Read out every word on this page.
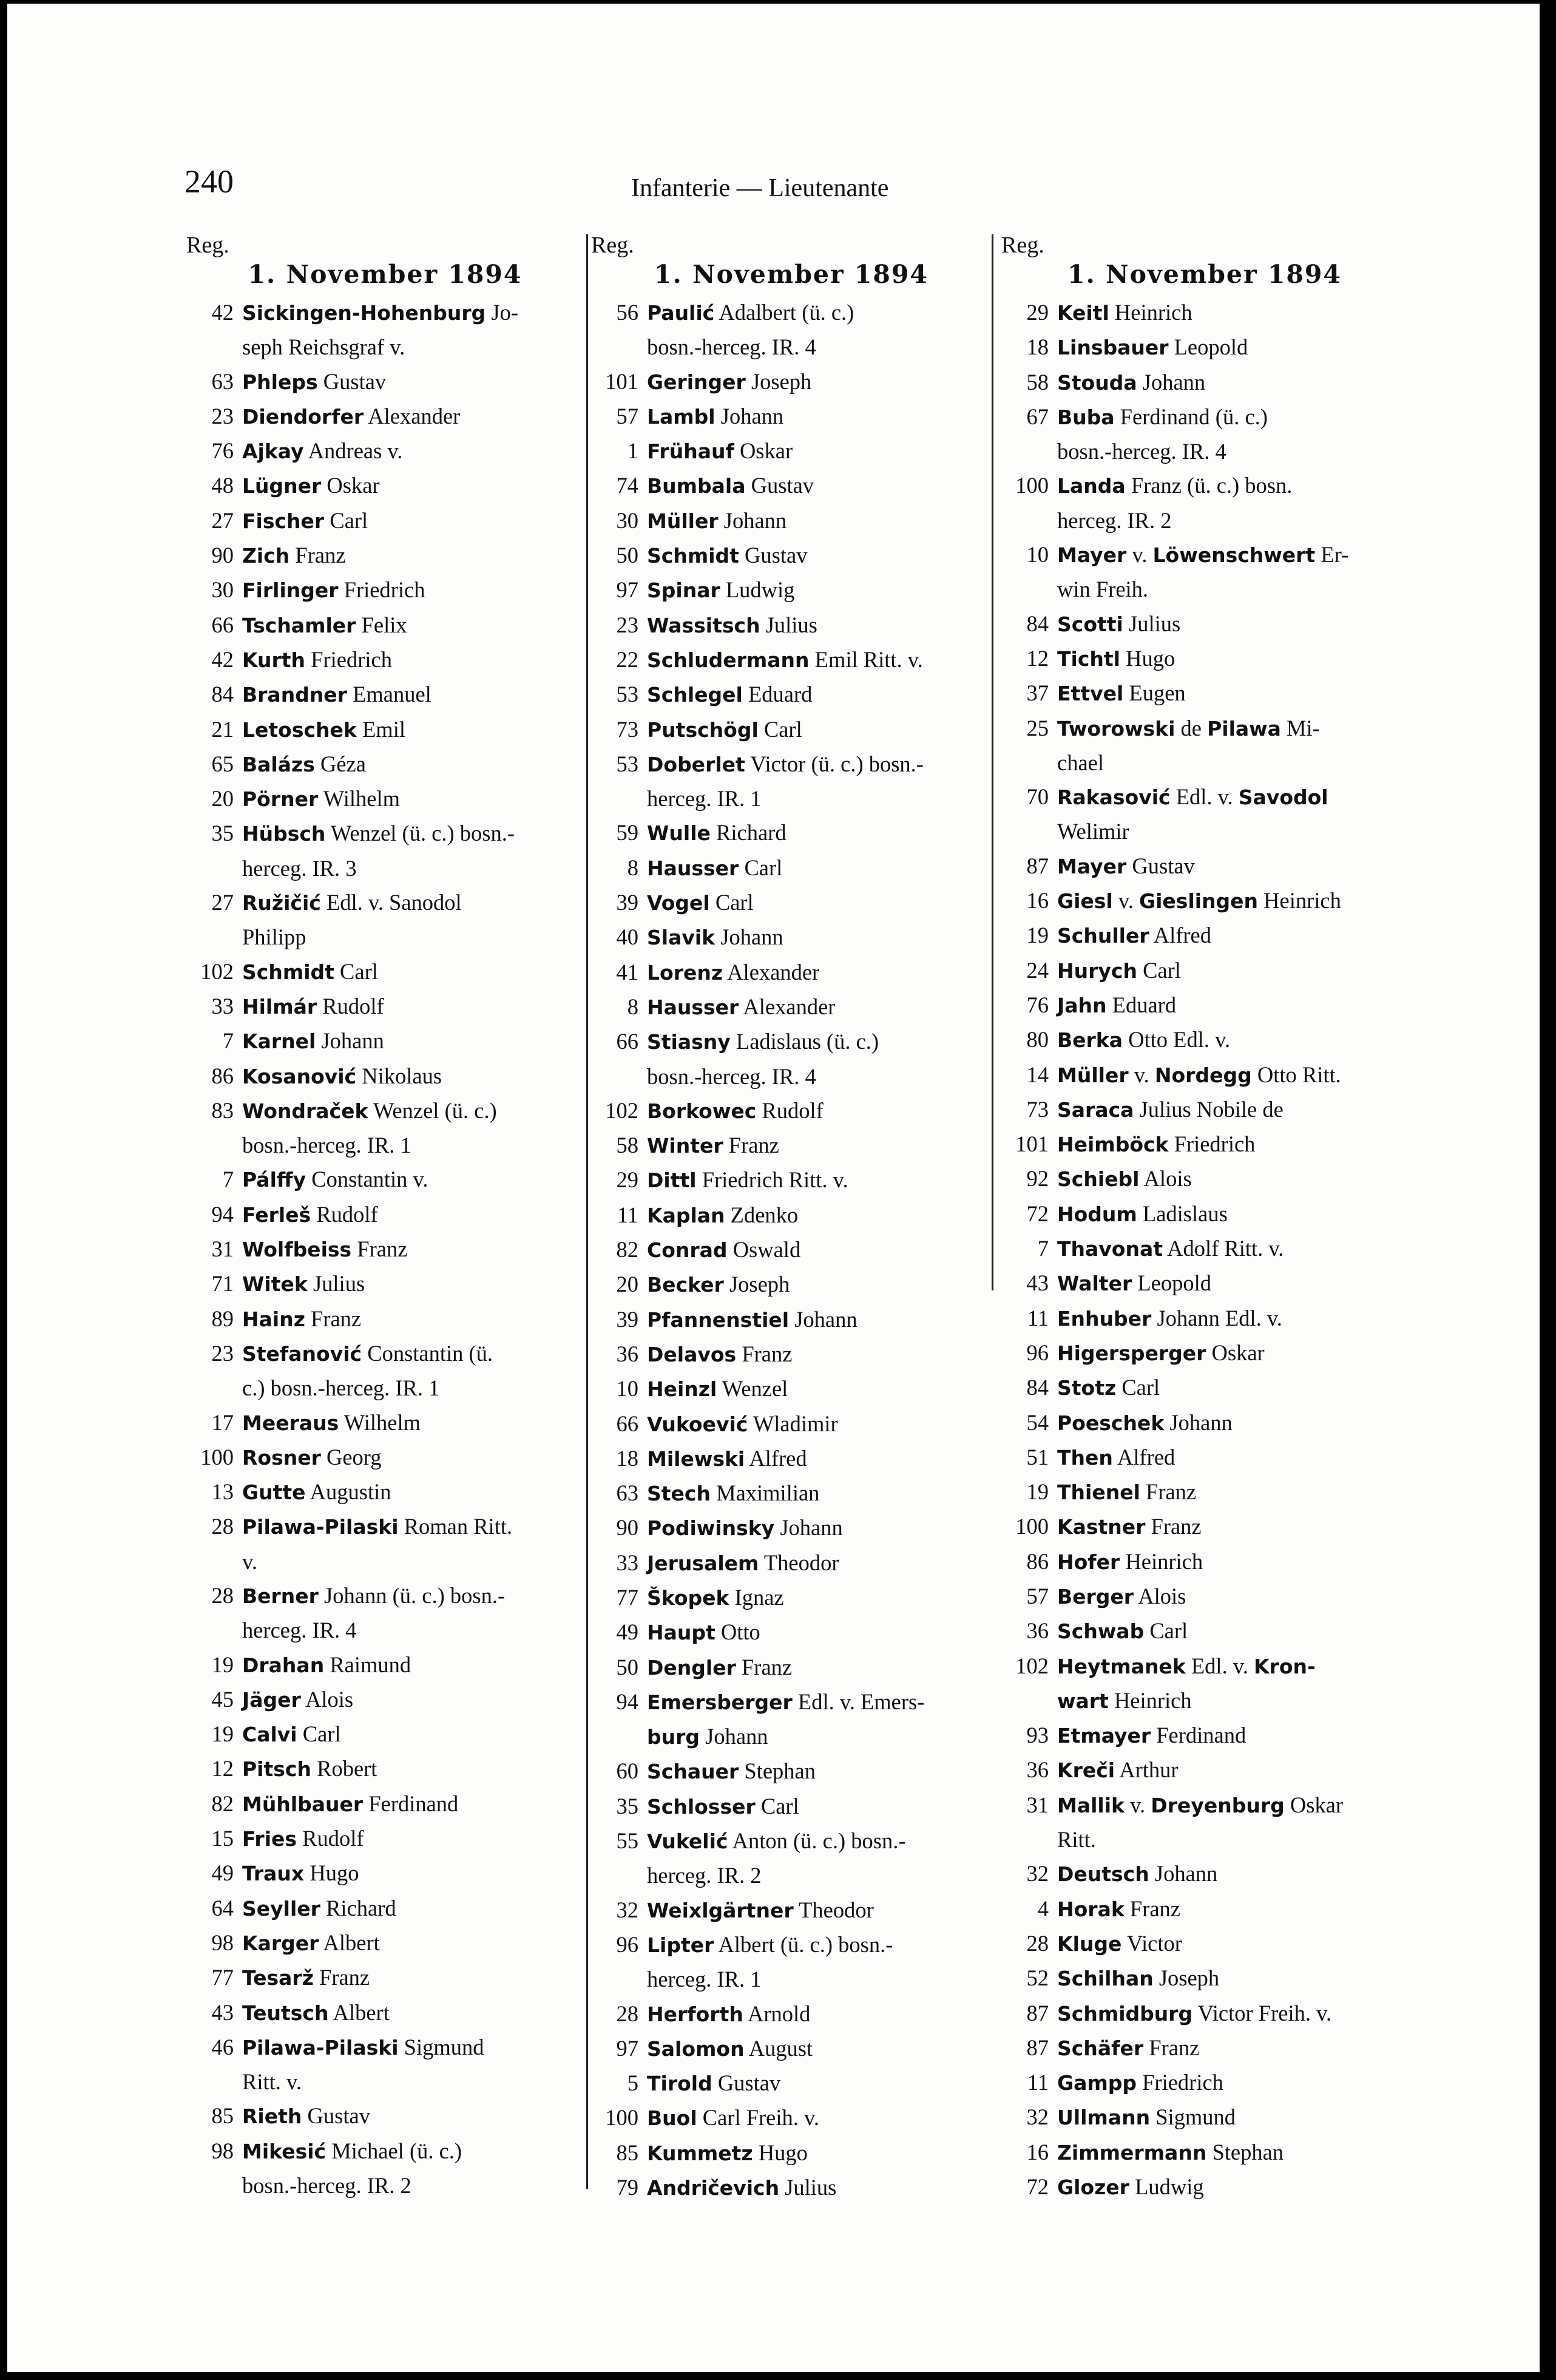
240	Infanterie — Lieutenante
Reg.
1. November 1894
42 Sickingen-Hohenburg Jo-
seph Reichsgraf v.
63 Phleps Gustav
23 Diendorfer Alexander
76 Ajkay Andreas v.
48 Lügner Oskar
27 Fischer Carl
90 Zich Franz
30 Firlinger Friedrich
66 Tschamler Felix
42 Kurth Friedrich
84 Brandner Emanuel
21 Letoschek Emil
65 Balázs Géza
20 Pörner Wilhelm
35 Hübsch Wenzel (ü. c.) bosn.-
herceg. IR. 3
27 Ružičić Edl. v. Sanodol
Philipp
102 Schmidt Carl
33 Hilmár Rudolf
7 Karnel Johann
86 Kosanović Nikolaus
83 Wondraček Wenzel (ü. c.)
bosn.-herceg. IR. 1
7 Pálffy Constantin v.
94 Ferleš Rudolf
31 Wolfbeiss Franz
71 Witek Julius
89 Hainz Franz
23 Stefanović Constantin (ü.
c.) bosn.-herceg. IR. 1
17 Meeraus Wilhelm
100 Rosner Georg
13 Gutte Augustin
28 Pilawa-Pilaski Roman Ritt.
v.
28 Berner Johann (ü. c.) bosn.-
herceg. IR. 4
19 Drahan Raimund
45 Jäger Alois
19 Calvi Carl
12 Pitsch Robert
82 Mühlbauer Ferdinand
15 Fries Rudolf
49 Traux Hugo
64 Seyller Richard
98 Karger Albert
77 Tesarž Franz
43 Teutsch Albert
46 Pilawa-Pilaski Sigmund
Ritt. v.
85 Rieth Gustav
98 Mikesić Michael (ü. c.)
bosn.-herceg. IR. 2
Reg.
1. November 1894
56 Paulić Adalbert (ü. c.)
bosn.-herceg. IR. 4
101 Geringer Joseph
57 Lambl Johann
1 Frühauf Oskar
74 Bumbala Gustav
30 Müller Johann
50 Schmidt Gustav
97 Spinar Ludwig
23 Wassitsch Julius
22 Schludermann Emil Ritt. v.
53 Schlegel Eduard
73 Putschögl Carl
53 Doberlet Victor (ü. c.) bosn.-
herceg. IR. 1
59 Wulle Richard
8 Hausser Carl
39 Vogel Carl
40 Slavik Johann
41 Lorenz Alexander
8 Hausser Alexander
66 Stiasny Ladislaus (ü. c.)
bosn.-herceg. IR. 4
102 Borkowec Rudolf
58 Winter Franz
29 Dittl Friedrich Ritt. v.
11 Kaplan Zdenko
82 Conrad Oswald
20 Becker Joseph
39 Pfannenstiel Johann
36 Delavos Franz
10 Heinzl Wenzel
66 Vukoević Wladimir
18 Milewski Alfred
63 Stech Maximilian
90 Podiwinsky Johann
33 Jerusalem Theodor
77 Škopek Ignaz
49 Haupt Otto
50 Dengler Franz
94 Emersberger Edl. v. Emers-
burg Johann
60 Schauer Stephan
35 Schlosser Carl
55 Vukelić Anton (ü. c.) bosn.-
herceg. IR. 2
32 Weixlgärtner Theodor
96 Lipter Albert (ü. c.) bosn.-
herceg. IR. 1
28 Herforth Arnold
97 Salomon August
5 Tirold Gustav
100 Buol Carl Freih. v.
85 Kummetz Hugo
79 Andričevich Julius
Reg.
1. November 1894
29 Keitl Heinrich
18 Linsbauer Leopold
58 Stouda Johann
67 Buba Ferdinand (ü. c.)
bosn.-herceg. IR. 4
100 Landa Franz (ü. c.) bosn.
herceg. IR. 2
10 Mayer v. Löwenschwert Er-
win Freih.
84 Scotti Julius
12 Tichtl Hugo
37 Ettvel Eugen
25 Tworowski de Pilawa Mi-
chael
70 Rakasović Edl. v. Savodol
Welimir
87 Mayer Gustav
16 Giesl v. Gieslingen Heinrich
19 Schuller Alfred
24 Hurych Carl
76 Jahn Eduard
80 Berka Otto Edl. v.
14 Müller v. Nordegg Otto Ritt.
73 Saraca Julius Nobile de
101 Heimböck Friedrich
92 Schiebl Alois
72 Hodum Ladislaus
7 Thavonat Adolf Ritt. v.
43 Walter Leopold
11 Enhuber Johann Edl. v.
96 Higersperger Oskar
84 Stotz Carl
54 Poeschek Johann
51 Then Alfred
19 Thienel Franz
100 Kastner Franz
86 Hofer Heinrich
57 Berger Alois
36 Schwab Carl
102 Heytmanek Edl. v. Kron-
wart Heinrich
93 Etmayer Ferdinand
36 Kreči Arthur
31 Mallik v. Dreyenburg Oskar
Ritt.
32 Deutsch Johann
4 Horak Franz
28 Kluge Victor
52 Schilhan Joseph
87 Schmidburg Victor Freih. v.
87 Schäfer Franz
11 Gampp Friedrich
32 Ullmann Sigmund
16 Zimmermann Stephan
72 Glozer Ludwig
